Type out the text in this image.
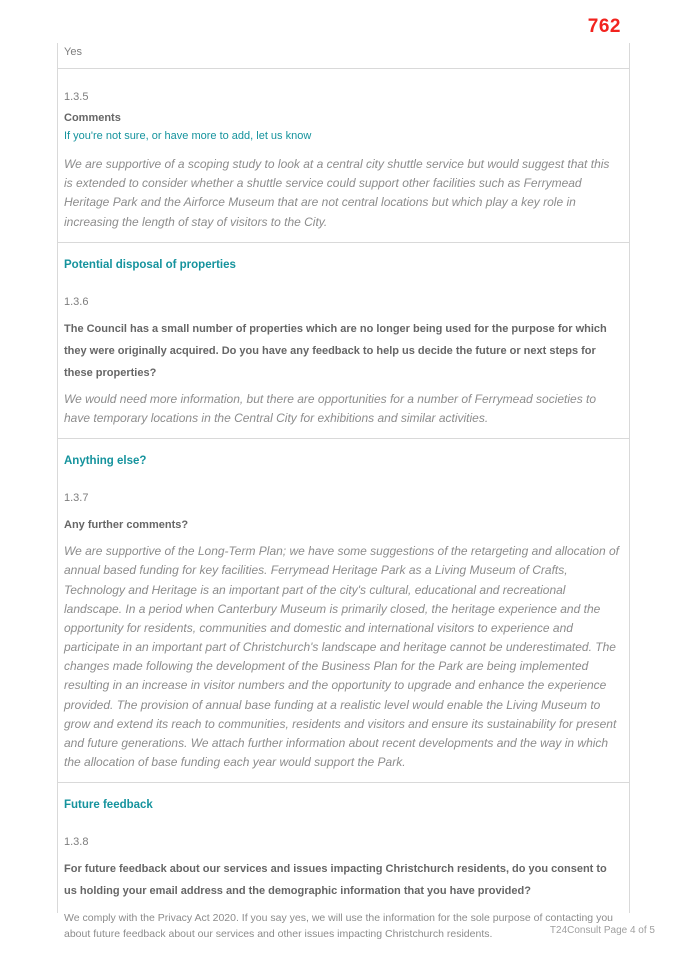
762
Yes
1.3.5
Comments
If you're not sure, or have more to add, let us know
We are supportive of a scoping study to look at a central city shuttle service but would suggest that this is extended to consider whether a shuttle service could support other facilities such as Ferrymead Heritage Park and the Airforce Museum that are not central locations but which play a key role in increasing the length of stay of visitors to the City.
Potential disposal of properties
1.3.6
The Council has a small number of properties which are no longer being used for the purpose for which they were originally acquired. Do you have any feedback to help us decide the future or next steps for these properties?
We would need more information, but there are opportunities for a number of Ferrymead societies to have temporary locations in the Central City for exhibitions and similar activities.
Anything else?
1.3.7
Any further comments?
We are supportive of the Long-Term Plan; we have some suggestions of the retargeting and allocation of annual based funding for key facilities. Ferrymead Heritage Park as a Living Museum of Crafts, Technology and Heritage is an important part of the city's cultural, educational and recreational landscape. In a period when Canterbury Museum is primarily closed, the heritage experience and the opportunity for residents, communities and domestic and international visitors to experience and participate in an important part of Christchurch's landscape and heritage cannot be underestimated. The changes made following the development of the Business Plan for the Park are being implemented resulting in an increase in visitor numbers and the opportunity to upgrade and enhance the experience provided. The provision of annual base funding at a realistic level would enable the Living Museum to grow and extend its reach to communities, residents and visitors and ensure its sustainability for present and future generations. We attach further information about recent developments and the way in which the allocation of base funding each year would support the Park.
Future feedback
1.3.8
For future feedback about our services and issues impacting Christchurch residents, do you consent to us holding your email address and the demographic information that you have provided?
We comply with the Privacy Act 2020. If you say yes, we will use the information for the sole purpose of contacting you about future feedback about our services and other issues impacting Christchurch residents.	T24Consult Page 4 of 5
